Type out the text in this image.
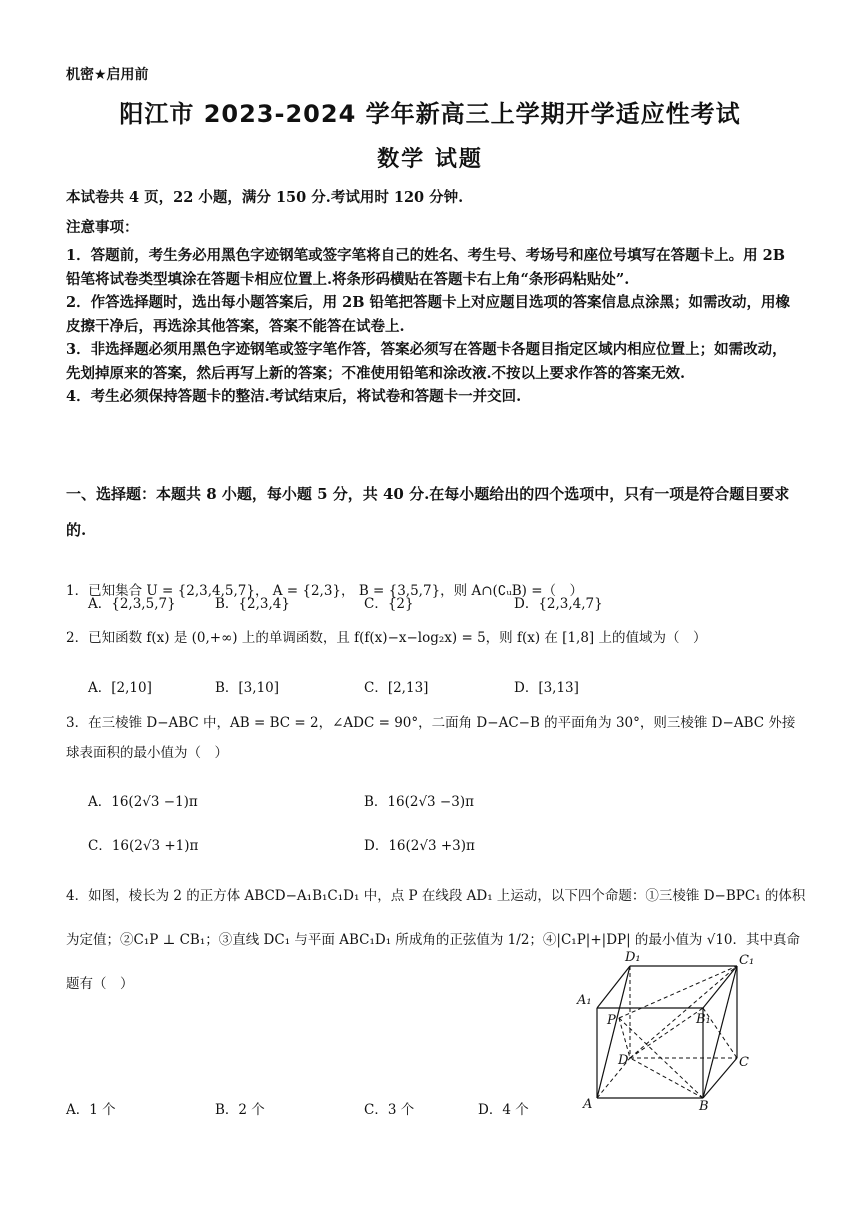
机密★启用前
阳江市 2023-2024 学年新高三上学期开学适应性考试
数学 试题
本试卷共 4 页，22 小题，满分 150 分.考试用时 120 分钟.
注意事项：

1．答题前，考生务必用黑色字迹钢笔或签字笔将自己的姓名、考生号、考场号和座位号填写在答题卡上。用 2B 铅笔将试卷类型填涂在答题卡相应位置上.将条形码横贴在答题卡右上角“条形码粘贴处”.

2．作答选择题时，选出每小题答案后，用 2B 铅笔把答题卡上对应题目选项的答案信息点涂黑；如需改动，用橡皮擦干净后，再选涂其他答案，答案不能答在试卷上.

3．非选择题必须用黑色字迹钢笔或签字笔作答，答案必须写在答题卡各题目指定区域内相应位置上；如需改动，先划掉原来的答案，然后再写上新的答案；不准使用铅笔和涂改液.不按以上要求作答的答案无效.

4．考生必须保持答题卡的整洁.考试结束后，将试卷和答题卡一并交回.

一、选择题：本题共 8 小题，每小题 5 分，共 40 分.在每小题给出的四个选项中，只有一项是符合题目要求的.
1．已知集合 U = {2,3,4,5,7}， A = {2,3}， B = {3,5,7}，则 A∩(∁ᵤB) =（　）
A．{2,3,5,7}	B．{2,3,4}	C．{2}	D．{2,3,4,7}
2．已知函数 f(x) 是 (0,+∞) 上的单调函数，且 f(f(x)−x−log₂x) = 5，则 f(x) 在 [1,8] 上的值域为（　）
A．[2,10]	B．[3,10]	C．[2,13]	D．[3,13]
3．在三棱锥 D−ABC 中，AB = BC = 2，∠ADC = 90°，二面角 D−AC−B 的平面角为 30°，则三棱锥 D−ABC 外接球表面积的最小值为（　）
A．16(2√3 −1)π	B．16(2√3 −3)π
C．16(2√3 +1)π	D．16(2√3 +3)π
4．如图，棱长为 2 的正方体 ABCD−A₁B₁C₁D₁ 中，点 P 在线段 AD₁ 上运动，以下四个命题：①三棱锥 D−BPC₁ 的体积为定值；②C₁P ⊥ CB₁；③直线 DC₁ 与平面 ABC₁D₁ 所成角的正弦值为 1/2；④|C₁P|+|DP| 的最小值为 √10．其中真命题有（　）
A．1 个	B．2 个	C．3 个	D．4 个
D₁	C₁
A₁
B₁
P
D	C
A	B
